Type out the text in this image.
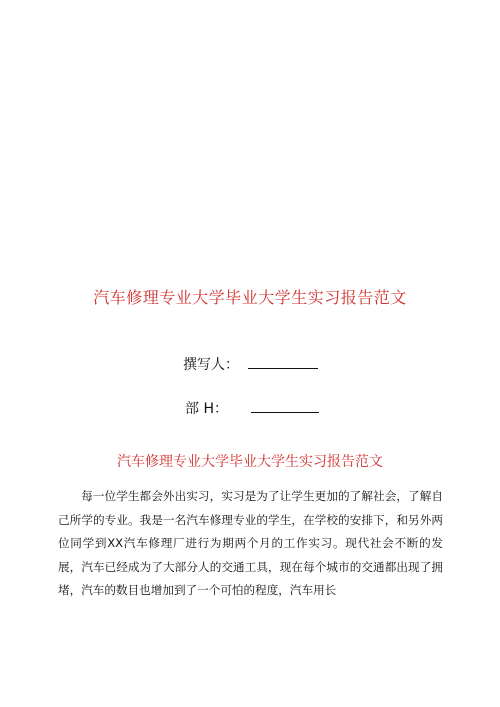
汽车修理专业大学毕业大学生实习报告范文
撰写人：
部 H：
汽车修理专业大学毕业大学生实习报告范文

每一位学生都会外出实习，实习是为了让学生更加的了解社会，了解自己所学的专业。我是一名汽车修理专业的学生，在学校的安排下，和另外两位同学到XX汽车修理厂进行为期两个月的工作实习。现代社会不断的发展，汽车已经成为了大部分人的交通工具，现在每个城市的交通都出现了拥堵，汽车的数目也增加到了一个可怕的程度，汽车用长
